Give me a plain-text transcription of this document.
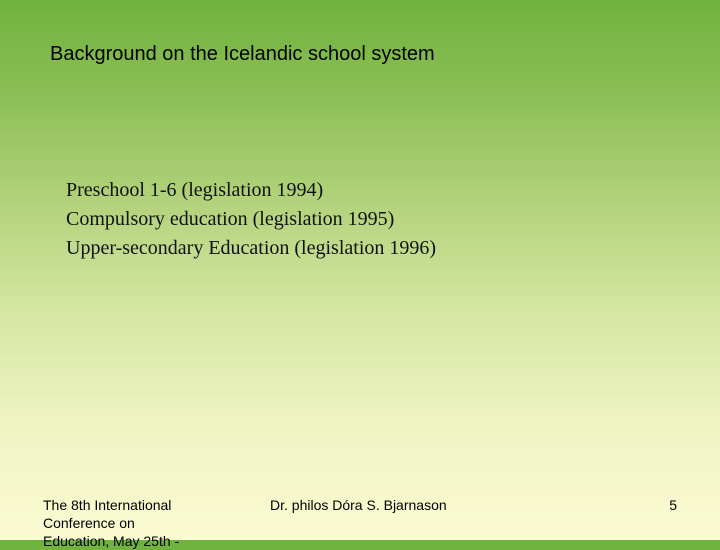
Background on the Icelandic school system
Preschool 1-6 (legislation 1994)
Compulsory education (legislation 1995)
Upper-secondary Education (legislation 1996)
The 8th International
Conference on
Education, May 25th -
Dr. philos Dóra S. Bjarnason	5
